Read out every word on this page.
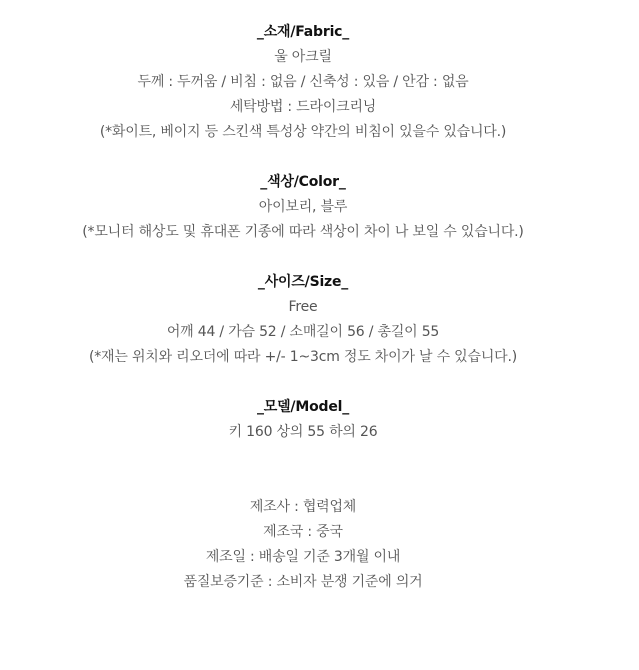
_소재/Fabric_
울 아크릴
두께 : 두꺼움 / 비침 : 없음 / 신축성 : 있음 / 안감 : 없음
세탁방법 : 드라이크리닝
(*화이트, 베이지 등 스킨색 특성상 약간의 비침이 있을수 있습니다.)
_색상/Color_
아이보리, 블루
(*모니터 해상도 및 휴대폰 기종에 따라 색상이 차이 나 보일 수 있습니다.)
_사이즈/Size_
Free
어깨 44 / 가슴 52 / 소매길이 56 / 총길이 55
(*재는 위치와 리오더에 따라 +/- 1~3cm 정도 차이가 날 수 있습니다.)
_모델/Model_
키 160 상의 55 하의 26
제조사 : 협력업체
제조국 : 중국
제조일 : 배송일 기준 3개월 이내
품질보증기준 : 소비자 분쟁 기준에 의거
